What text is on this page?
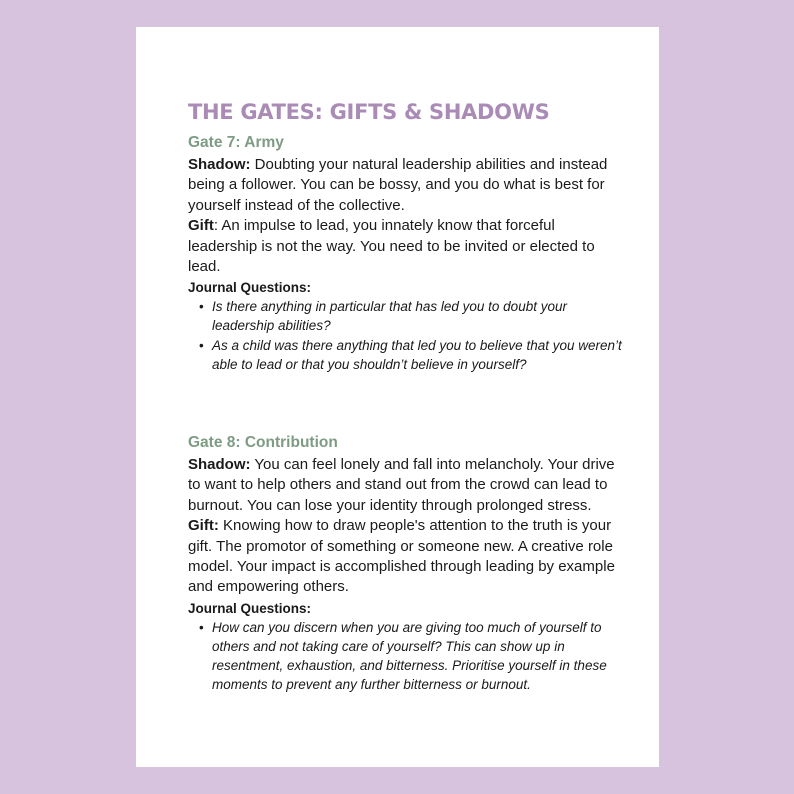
THE GATES: GIFTS & SHADOWS
Gate 7: Army

Shadow: Doubting your natural leadership abilities and instead being a follower. You can be bossy, and you do what is best for yourself instead of the collective.

Gift: An impulse to lead, you innately know that forceful leadership is not the way. You need to be invited or elected to lead.

Journal Questions:

• Is there anything in particular that has led you to doubt your leadership abilities?
• As a child was there anything that led you to believe that you weren’t able to lead or that you shouldn’t believe in yourself?
Gate 8: Contribution

Shadow: You can feel lonely and fall into melancholy. Your drive to want to help others and stand out from the crowd can lead to burnout. You can lose your identity through prolonged stress.

Gift: Knowing how to draw people's attention to the truth is your gift. The promotor of something or someone new. A creative role model. Your impact is accomplished through leading by example and empowering others.

Journal Questions:

• How can you discern when you are giving too much of yourself to others and not taking care of yourself? This can show up in resentment, exhaustion, and bitterness. Prioritise yourself in these moments to prevent any further bitterness or burnout.
